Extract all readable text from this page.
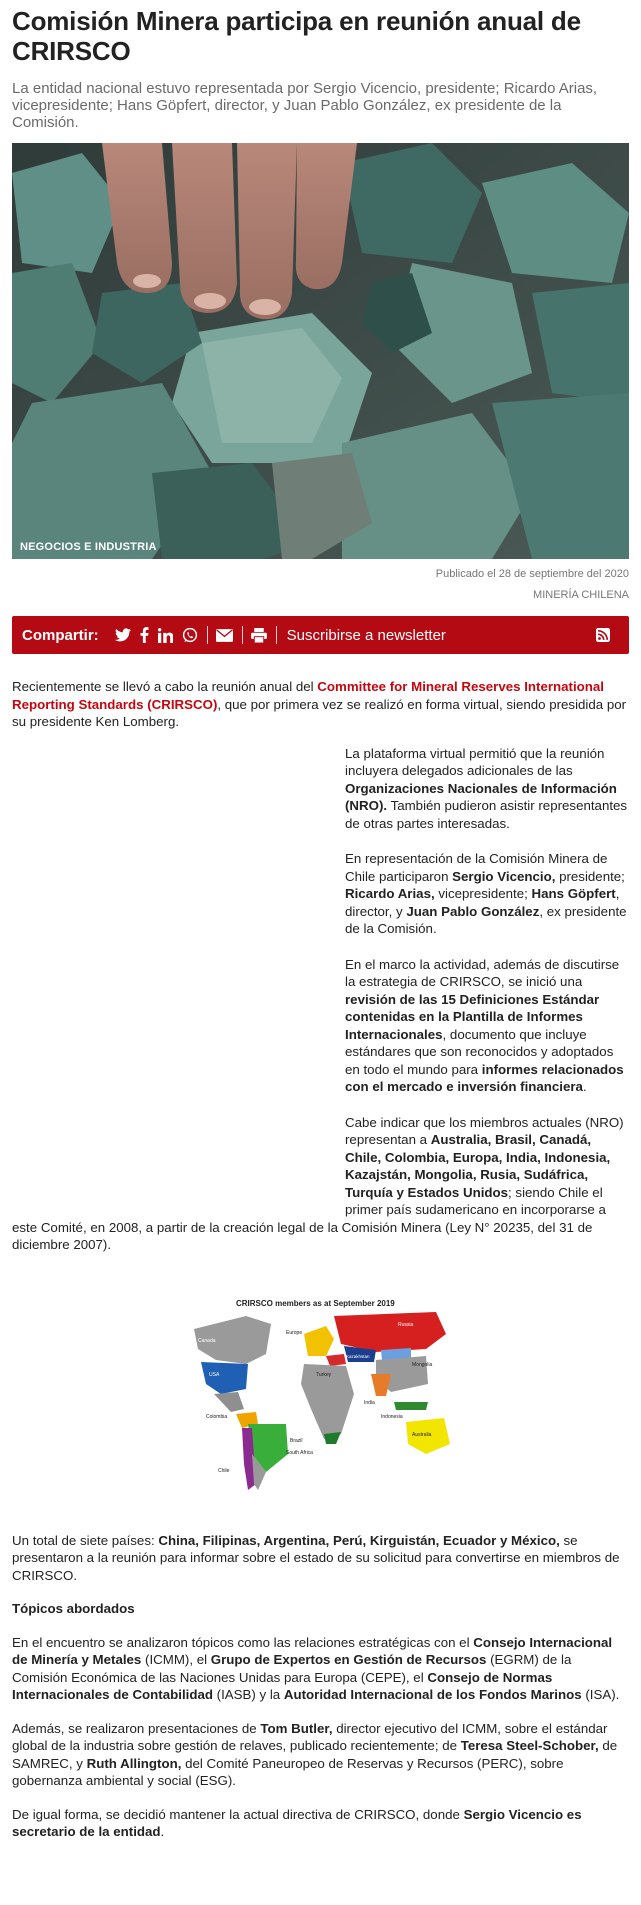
Comisión Minera participa en reunión anual de CRIRSCO

La entidad nacional estuvo representada por Sergio Vicencio, presidente; Ricardo Arias, vicepresidente; Hans Göpfert, director, y Juan Pablo González, ex presidente de la Comisión.

NEGOCIOS E INDUSTRIA
Publicado el 28 de septiembre del 2020
MINERÍA CHILENA
Compartir:	Suscribirse a newsletter

Recientemente se llevó a cabo la reunión anual del Committee for Mineral Reserves International Reporting Standards (CRIRSCO), que por primera vez se realizó en forma virtual, siendo presidida por su presidente Ken Lomberg.

La plataforma virtual permitió que la reunión incluyera delegados adicionales de las Organizaciones Nacionales de Información (NRO). También pudieron asistir representantes de otras partes interesadas.

En representación de la Comisión Minera de Chile participaron Sergio Vicencio, presidente; Ricardo Arias, vicepresidente; Hans Göpfert, director, y Juan Pablo González, ex presidente de la Comisión.

En el marco la actividad, además de discutirse la estrategia de CRIRSCO, se inició una revisión de las 15 Definiciones Estándar contenidas en la Plantilla de Informes Internacionales, documento que incluye estándares que son reconocidos y adoptados en todo el mundo para informes relacionados con el mercado e inversión financiera.

Cabe indicar que los miembros actuales (NRO) representan a Australia, Brasil, Canadá, Chile, Colombia, Europa, India, Indonesia, Kazajstán, Mongolia, Rusia, Sudáfrica, Turquía y Estados Unidos; siendo Chile el primer país sudamericano en incorporarse a este Comité, en 2008, a partir de la creación legal de la Comisión Minera (Ley N° 20235, del 31 de diciembre 2007).

CRIRSCO members as at September 2019
Canada
USA
Colombia
Brazil
Chile
Europe
Turkey
Russia
Kazakhstan
Mongolia
India
Indonesia
South Africa
Australia

Un total de siete países: China, Filipinas, Argentina, Perú, Kirguistán, Ecuador y México, se presentaron a la reunión para informar sobre el estado de su solicitud para convertirse en miembros de CRIRSCO.

Tópicos abordados

En el encuentro se analizaron tópicos como las relaciones estratégicas con el Consejo Internacional de Minería y Metales (ICMM), el Grupo de Expertos en Gestión de Recursos (EGRM) de la Comisión Económica de las Naciones Unidas para Europa (CEPE), el Consejo de Normas Internacionales de Contabilidad (IASB) y la Autoridad Internacional de los Fondos Marinos (ISA).

Además, se realizaron presentaciones de Tom Butler, director ejecutivo del ICMM, sobre el estándar global de la industria sobre gestión de relaves, publicado recientemente; de Teresa Steel-Schober, de SAMREC, y Ruth Allington, del Comité Paneuropeo de Reservas y Recursos (PERC), sobre gobernanza ambiental y social (ESG).

De igual forma, se decidió mantener la actual directiva de CRIRSCO, donde Sergio Vicencio es secretario de la entidad.
